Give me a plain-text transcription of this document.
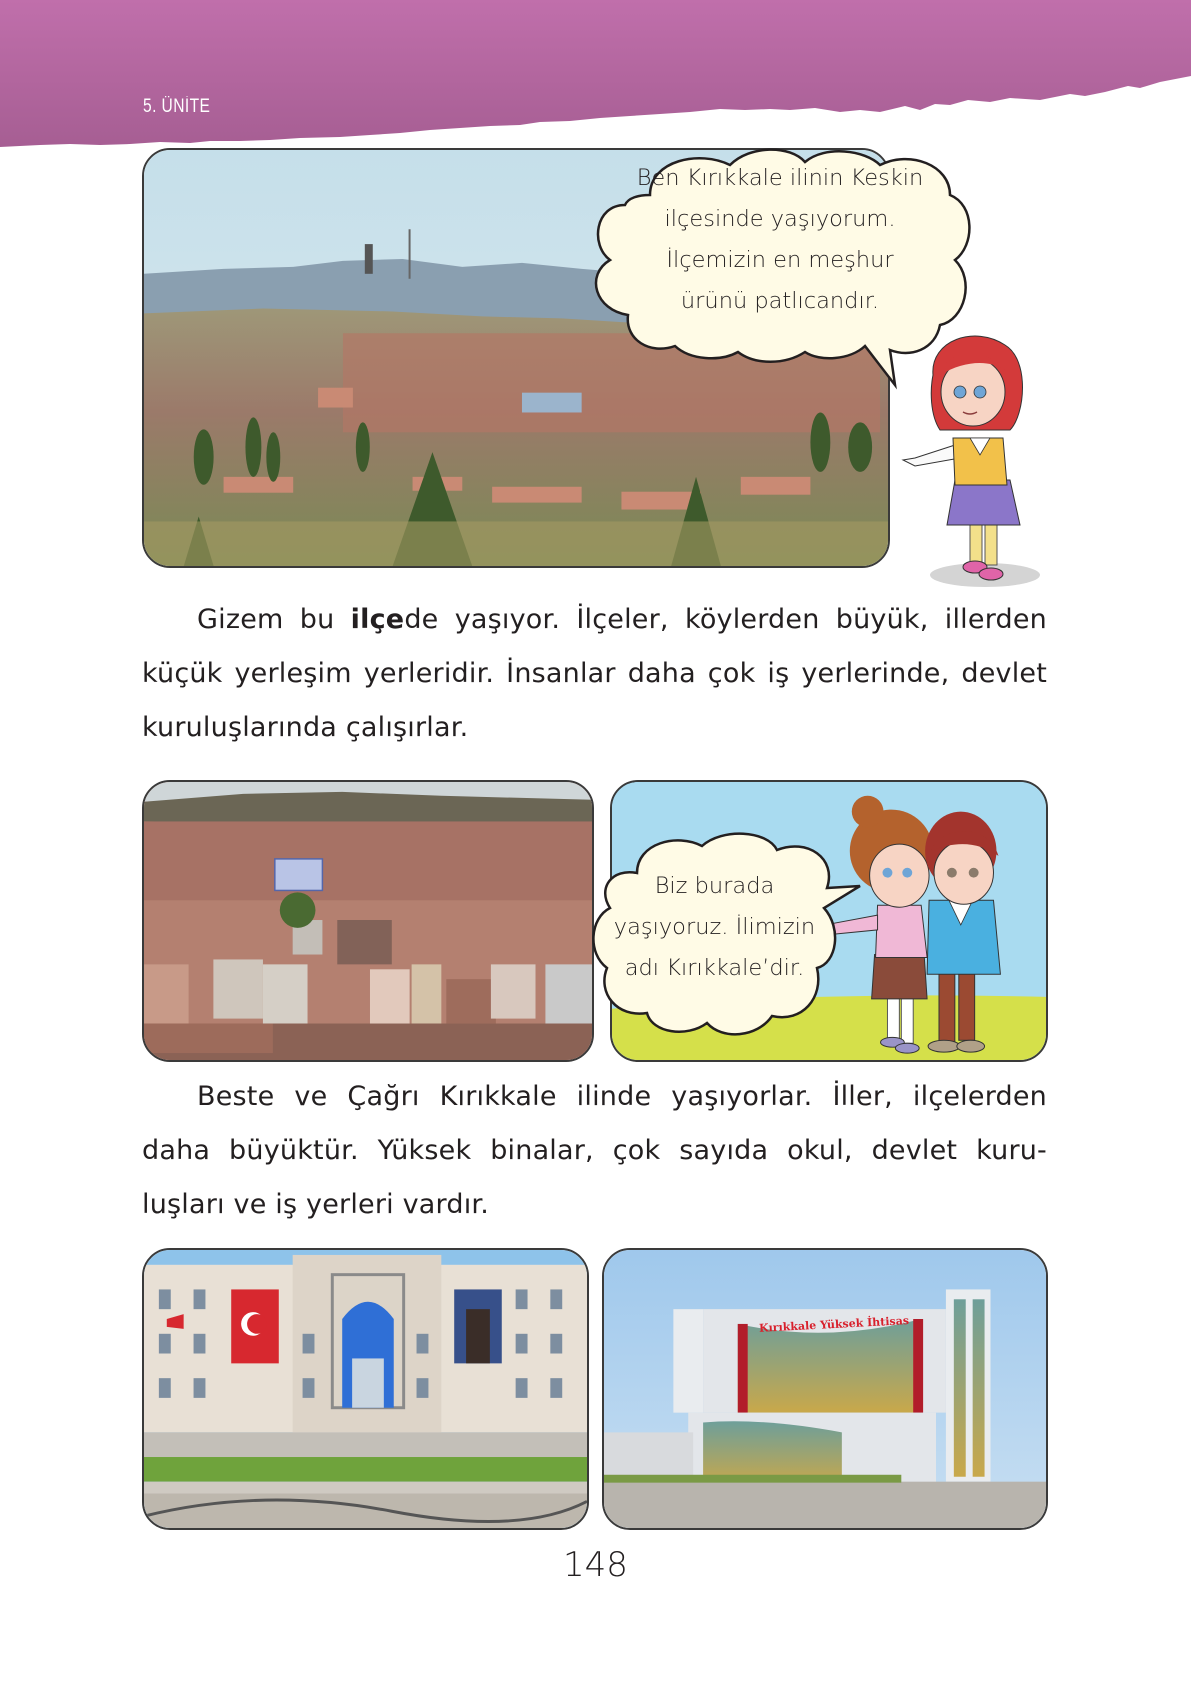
5. ÜNİTE
Ben Kırıkkale ilinin Keskin
ilçesinde yaşıyorum.
İlçemizin en meşhur
ürünü patlıcandır.
Gizem bu ilçede yaşıyor. İlçeler, köylerden büyük, illerden
küçük yerleşim yerleridir. İnsanlar daha çok iş yerlerinde, devlet
kuruluşlarında çalışırlar.
Biz burada
yaşıyoruz. İlimizin
adı Kırıkkale’dir.
Beste ve Çağrı Kırıkkale ilinde yaşıyorlar. İller, ilçelerden
daha büyüktür. Yüksek binalar, çok sayıda okul, devlet kuru-
luşları ve iş yerleri vardır.
Kırıkkale Yüksek İhtisas
148
